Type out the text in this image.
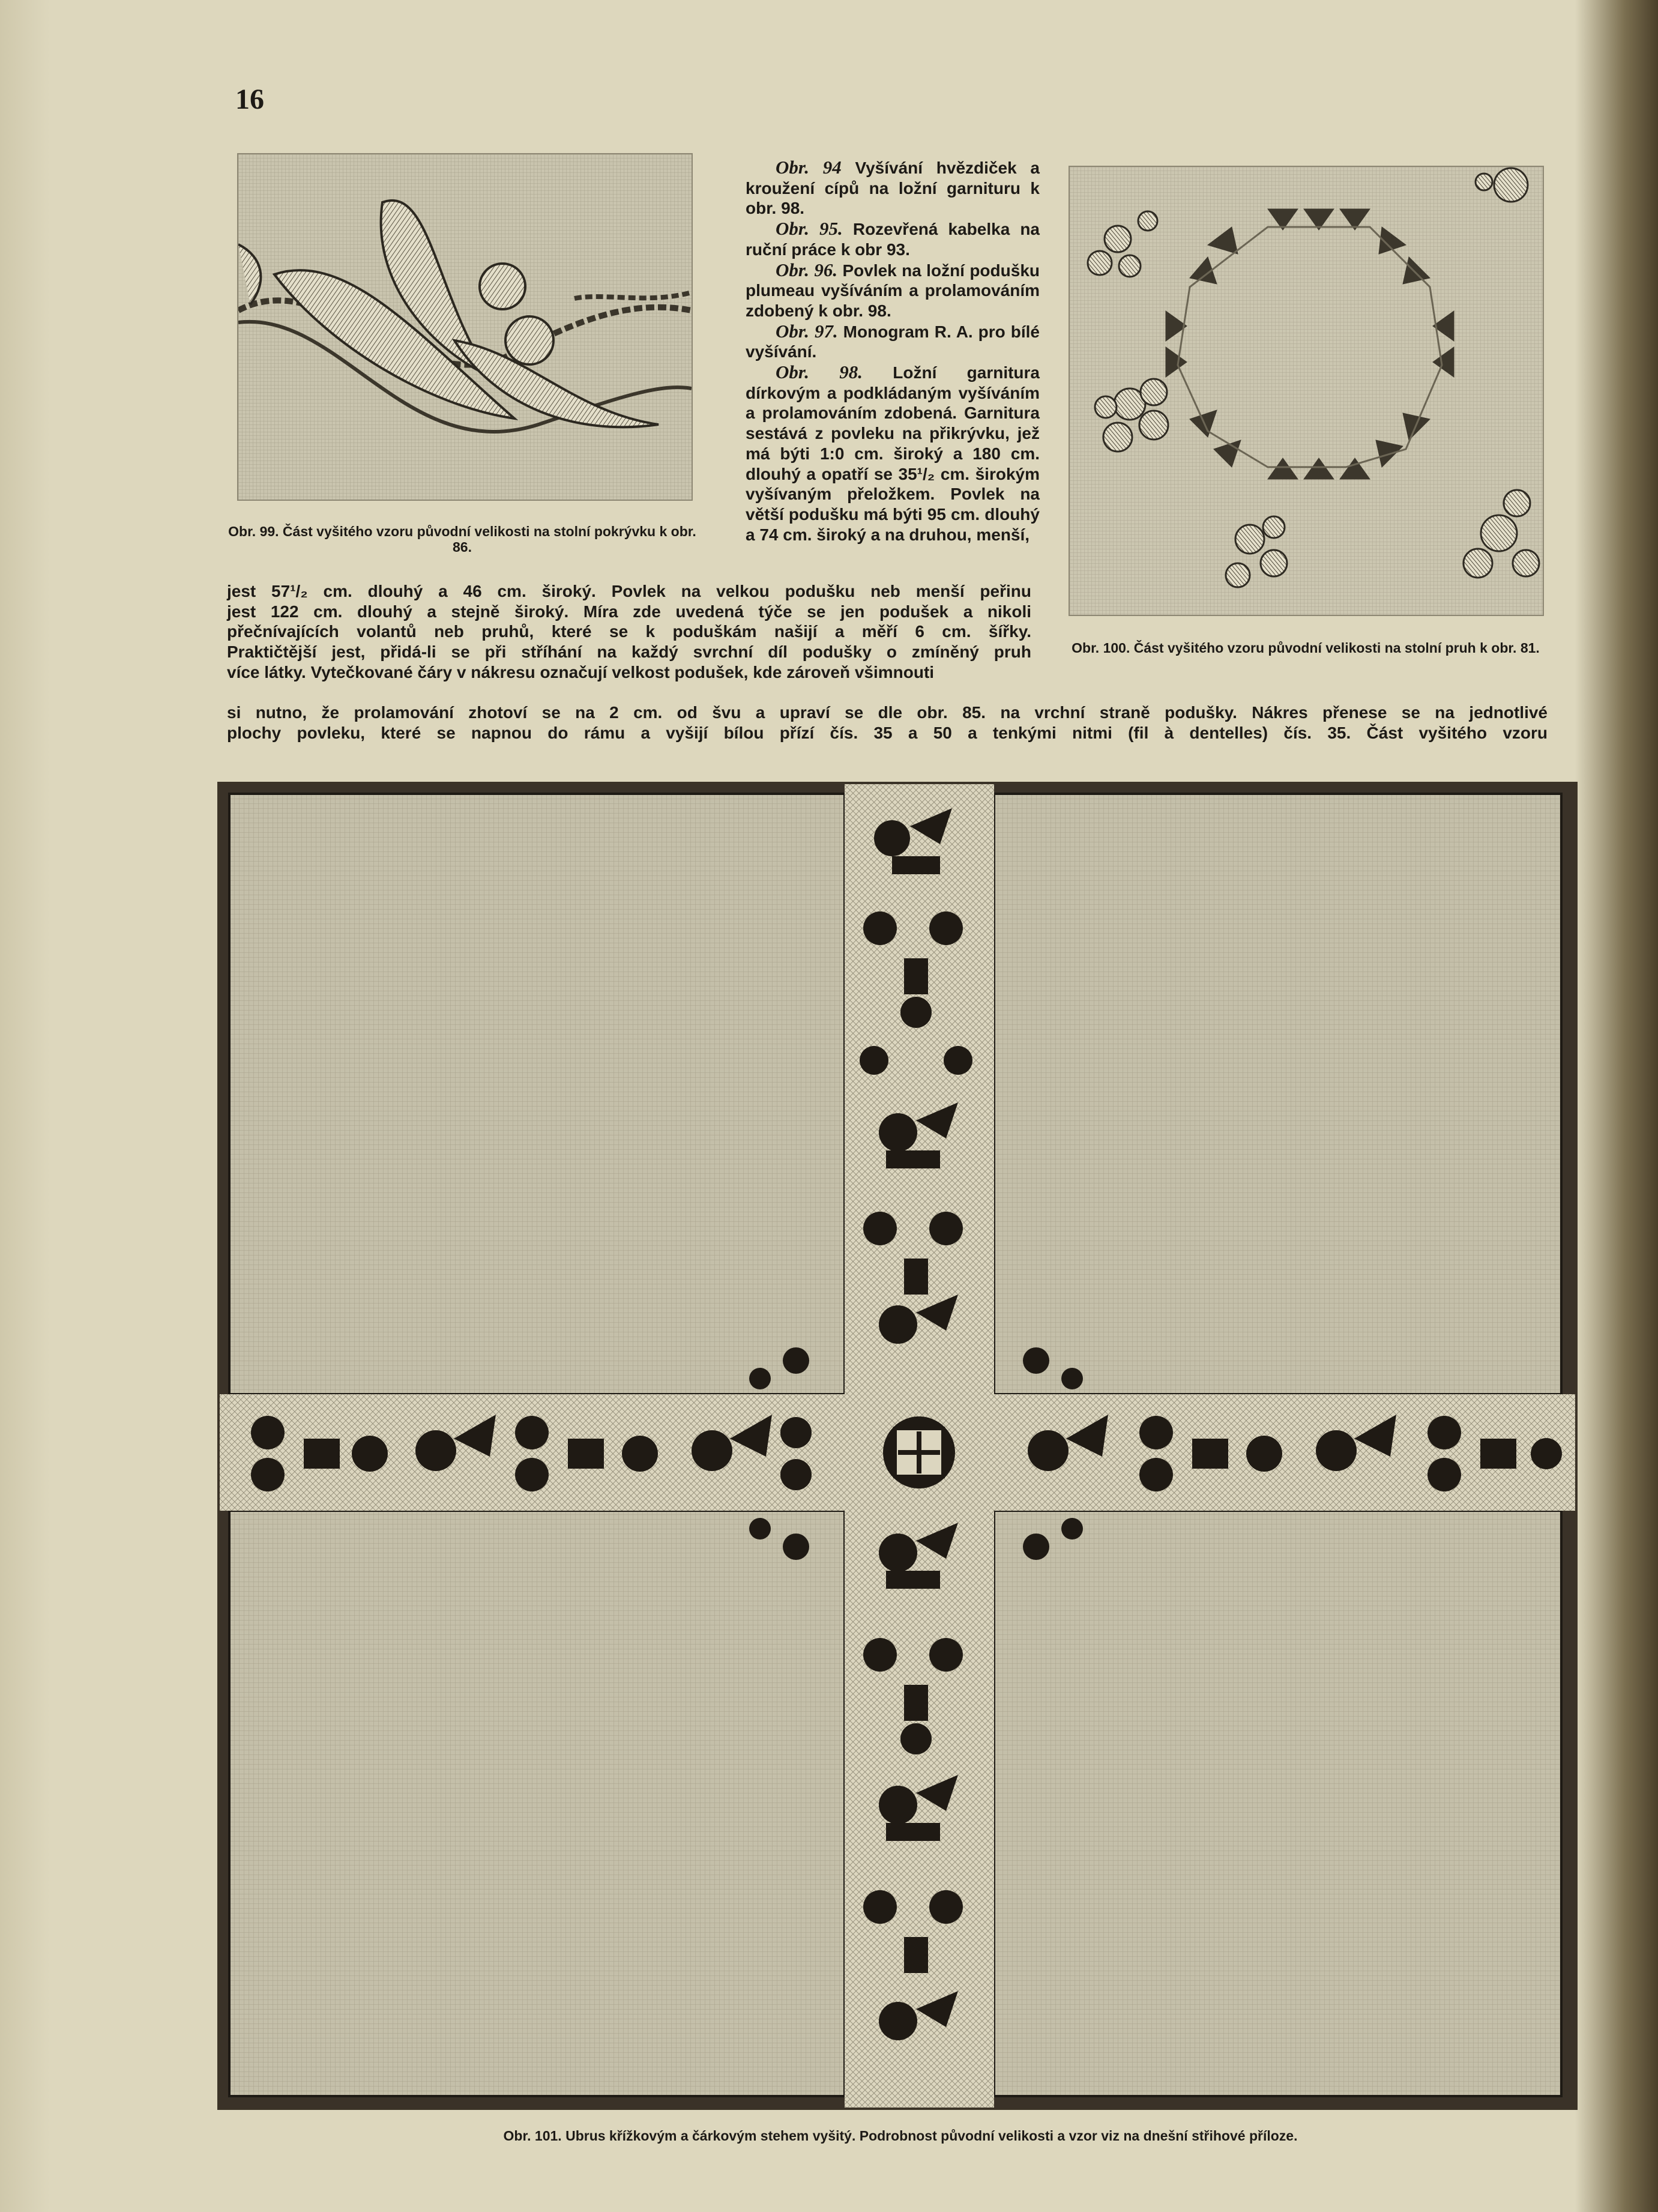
16
Obr. 99. Část vyšitého vzoru původní velikosti na stolní pokrývku k obr. 86.

Obr. 94 Vyšívání hvězdiček a kroužení cípů na ložní garnituru k obr. 98.

Obr. 95. Rozevřená kabelka na ruční práce k obr 93.

Obr. 96. Povlek na ložní podušku plumeau vyšíváním a prolamováním zdobený k obr. 98.

Obr. 97. Monogram R. A. pro bílé vyšívání.

Obr. 98. Ložní garnitura dírkovým a podkládaným vyšíváním a prolamováním zdobená. Garnitura sestává z povleku na přikrývku, jež má býti 1:0 cm. široký a 180 cm. dlouhý a opatří se 35¹/₂ cm. širokým vyšívaným přeložkem. Povlek na větší podušku má býti 95 cm. dlouhý a 74 cm. široký a na druhou, menší,

Obr. 100. Část vyšitého vzoru původní velikosti na stolní pruh k obr. 81.
jest 57¹/₂ cm. dlouhý a 46 cm. široký. Povlek na velkou podušku neb menší peřinu
jest 122 cm. dlouhý a stejně široký. Míra zde uvedená týče se jen podušek a nikoli
přečnívajících volantů neb pruhů, které se k poduškám našijí a měří 6 cm. šířky.
Praktičtější jest, přidá-li se při stříhání na každý svrchní díl podušky o zmíněný pruh
více látky. Vytečkované čáry v nákresu označují velkost podušek, kde zároveň všimnouti
si nutno, že prolamování zhotoví se na 2 cm. od švu a upraví se dle obr. 85. na vrchní straně podušky. Nákres přenese se na jednotlivé
plochy povleku, které se napnou do rámu a vyšijí bílou přízí čís. 35 a 50 a tenkými nitmi (fil à dentelles) čís. 35. Část vyšitého vzoru
Obr. 101. Ubrus křížkovým a čárkovým stehem vyšitý. Podrobnost původní velikosti a vzor viz na dnešní střihové příloze.
